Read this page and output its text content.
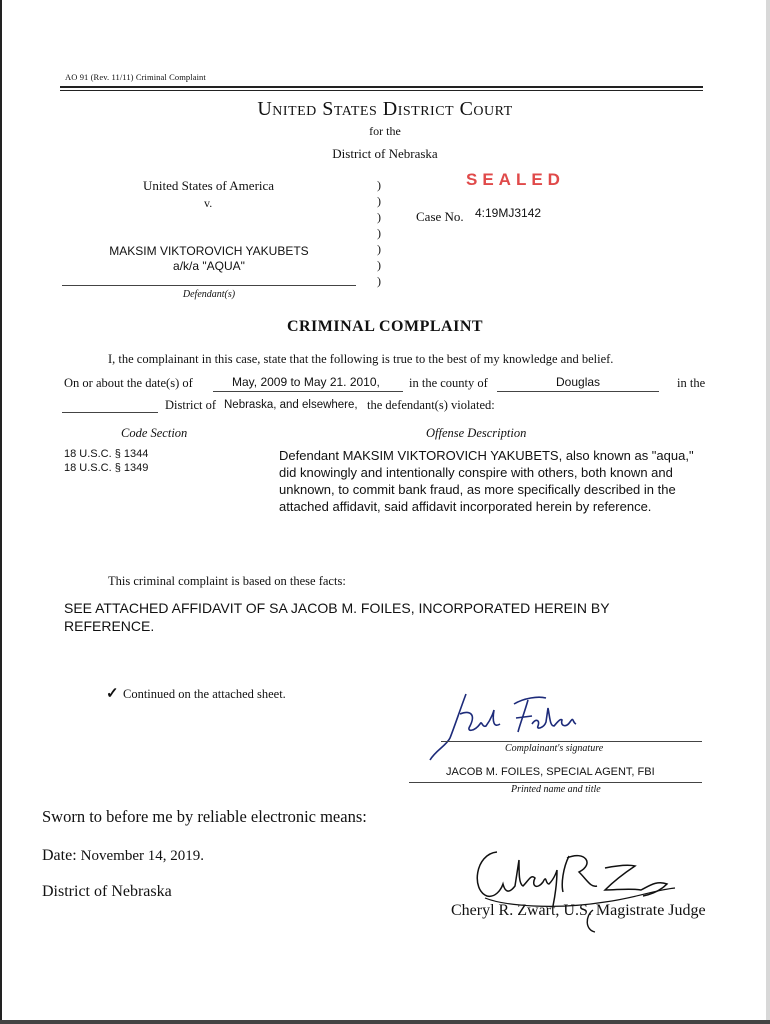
AO 91 (Rev. 11/11) Criminal Complaint
United States District Court
for the
District of Nebraska
SEALED
United States of America
v.
)
)
)
)
)
)
)
Case No. 4:19MJ3142
MAKSIM VIKTOROVICH YAKUBETS
a/k/a "AQUA"
Defendant(s)
CRIMINAL COMPLAINT
I, the complainant in this case, state that the following is true to the best of my knowledge and belief.
On or about the date(s) of	May, 2009 to May 21. 2010, in the county of	Douglas	in the
District of Nebraska, and elsewhere, the defendant(s) violated:
Code Section	Offense Description
18 U.S.C. § 1344
18 U.S.C. § 1349
Defendant MAKSIM VIKTOROVICH YAKUBETS, also known as "aqua," did knowingly and intentionally conspire with others, both known and unknown, to commit bank fraud, as more specifically described in the attached affidavit, said affidavit incorporated herein by reference.
This criminal complaint is based on these facts:
SEE ATTACHED AFFIDAVIT OF SA JACOB M. FOILES, INCORPORATED HEREIN BY REFERENCE.
✓ Continued on the attached sheet.
Complainant's signature
JACOB M. FOILES, SPECIAL AGENT, FBI
Printed name and title
Sworn to before me by reliable electronic means:
Date: November 14, 2019.
District of Nebraska
Cheryl R. Zwart, U.S. Magistrate Judge
